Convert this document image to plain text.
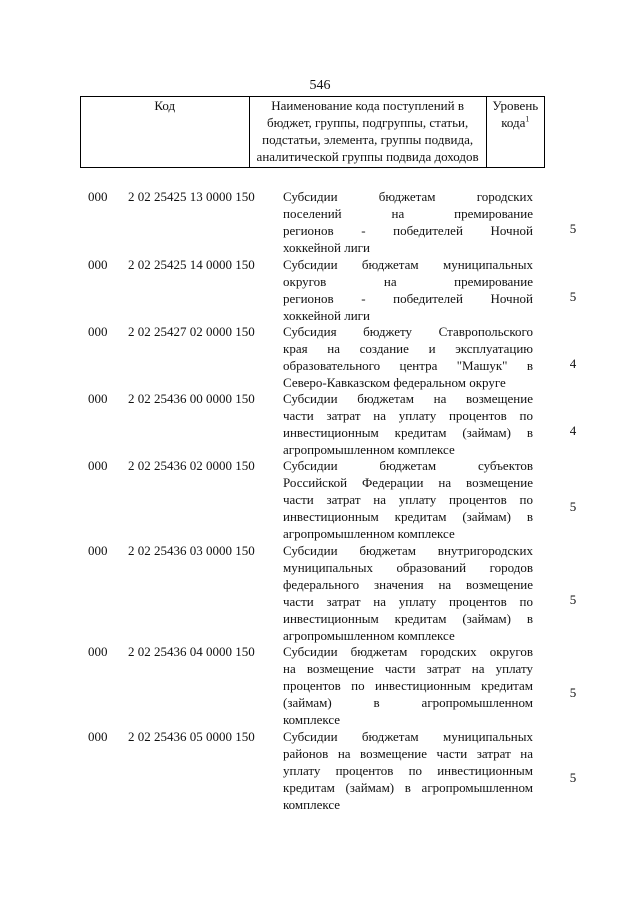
546
Код	Наименование кода поступлений в
бюджет, группы, подгруппы, статьи,
подстатьи, элемента, группы подвида,
аналитической группы подвида доходов

Уровень
кода$^1$
000	2 02 25425 13 0000 150	Субсидии бюджетам городских
поселений на премирование
регионов - победителей Ночной
хоккейной лиги
5
000	2 02 25425 14 0000 150	Субсидии бюджетам муниципальных
округов на премирование
регионов - победителей Ночной
хоккейной лиги
5
000	2 02 25427 02 0000 150	Субсидия бюджету Ставропольского
края на создание и эксплуатацию
образовательного центра "Машук" в
Северо-Кавказском федеральном округе
4
000	2 02 25436 00 0000 150	Субсидии бюджетам на возмещение
части затрат на уплату процентов по
инвестиционным кредитам (займам) в
агропромышленном комплексе
4
000	2 02 25436 02 0000 150	Субсидии бюджетам субъектов
Российской Федерации на возмещение
части затрат на уплату процентов по
инвестиционным кредитам (займам) в
агропромышленном комплексе
5
000	2 02 25436 03 0000 150	Субсидии бюджетам внутригородских
муниципальных образований городов
федерального значения на возмещение
части затрат на уплату процентов по
инвестиционным кредитам (займам) в
агропромышленном комплексе
5
000	2 02 25436 04 0000 150	Субсидии бюджетам городских округов
на возмещение части затрат на уплату
процентов по инвестиционным кредитам
(займам) в агропромышленном
комплексе
5
000	2 02 25436 05 0000 150	Субсидии бюджетам муниципальных
районов на возмещение части затрат на
уплату процентов по инвестиционным
кредитам (займам) в агропромышленном
комплексе
5
